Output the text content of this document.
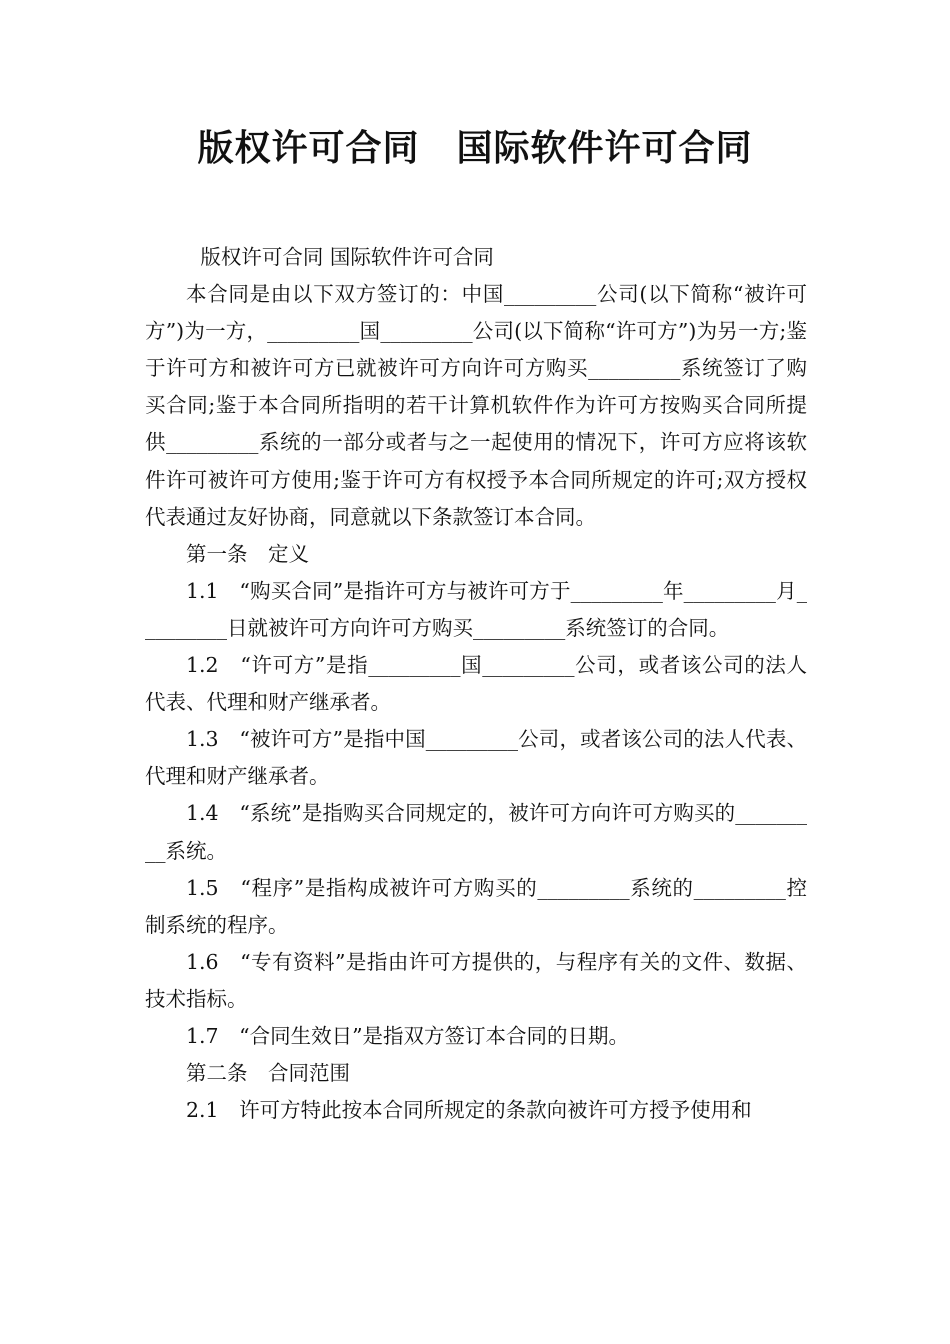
版权许可合同　国际软件许可合同

版权许可合同 国际软件许可合同

本合同是由以下双方签订的：中国_________公司(以下简称“被许可方”)为一方，_________国_________公司(以下简称“许可方”)为另一方;鉴于许可方和被许可方已就被许可方向许可方购买_________系统签订了购买合同;鉴于本合同所指明的若干计算机软件作为许可方按购买合同所提供_________系统的一部分或者与之一起使用的情况下，许可方应将该软件许可被许可方使用;鉴于许可方有权授予本合同所规定的许可;双方授权代表通过友好协商，同意就以下条款签订本合同。

第一条　定义

1.1　“购买合同”是指许可方与被许可方于_________年_________月_________日就被许可方向许可方购买_________系统签订的合同。

1.2　“许可方”是指_________国_________公司，或者该公司的法人代表、代理和财产继承者。

1.3　“被许可方”是指中国_________公司，或者该公司的法人代表、代理和财产继承者。

1.4　“系统”是指购买合同规定的，被许可方向许可方购买的_________系统。

1.5　“程序”是指构成被许可方购买的_________系统的_________控制系统的程序。

1.6　“专有资料”是指由许可方提供的，与程序有关的文件、数据、技术指标。

1.7　“合同生效日”是指双方签订本合同的日期。

第二条　合同范围

2.1　许可方特此按本合同所规定的条款向被许可方授予使用和
